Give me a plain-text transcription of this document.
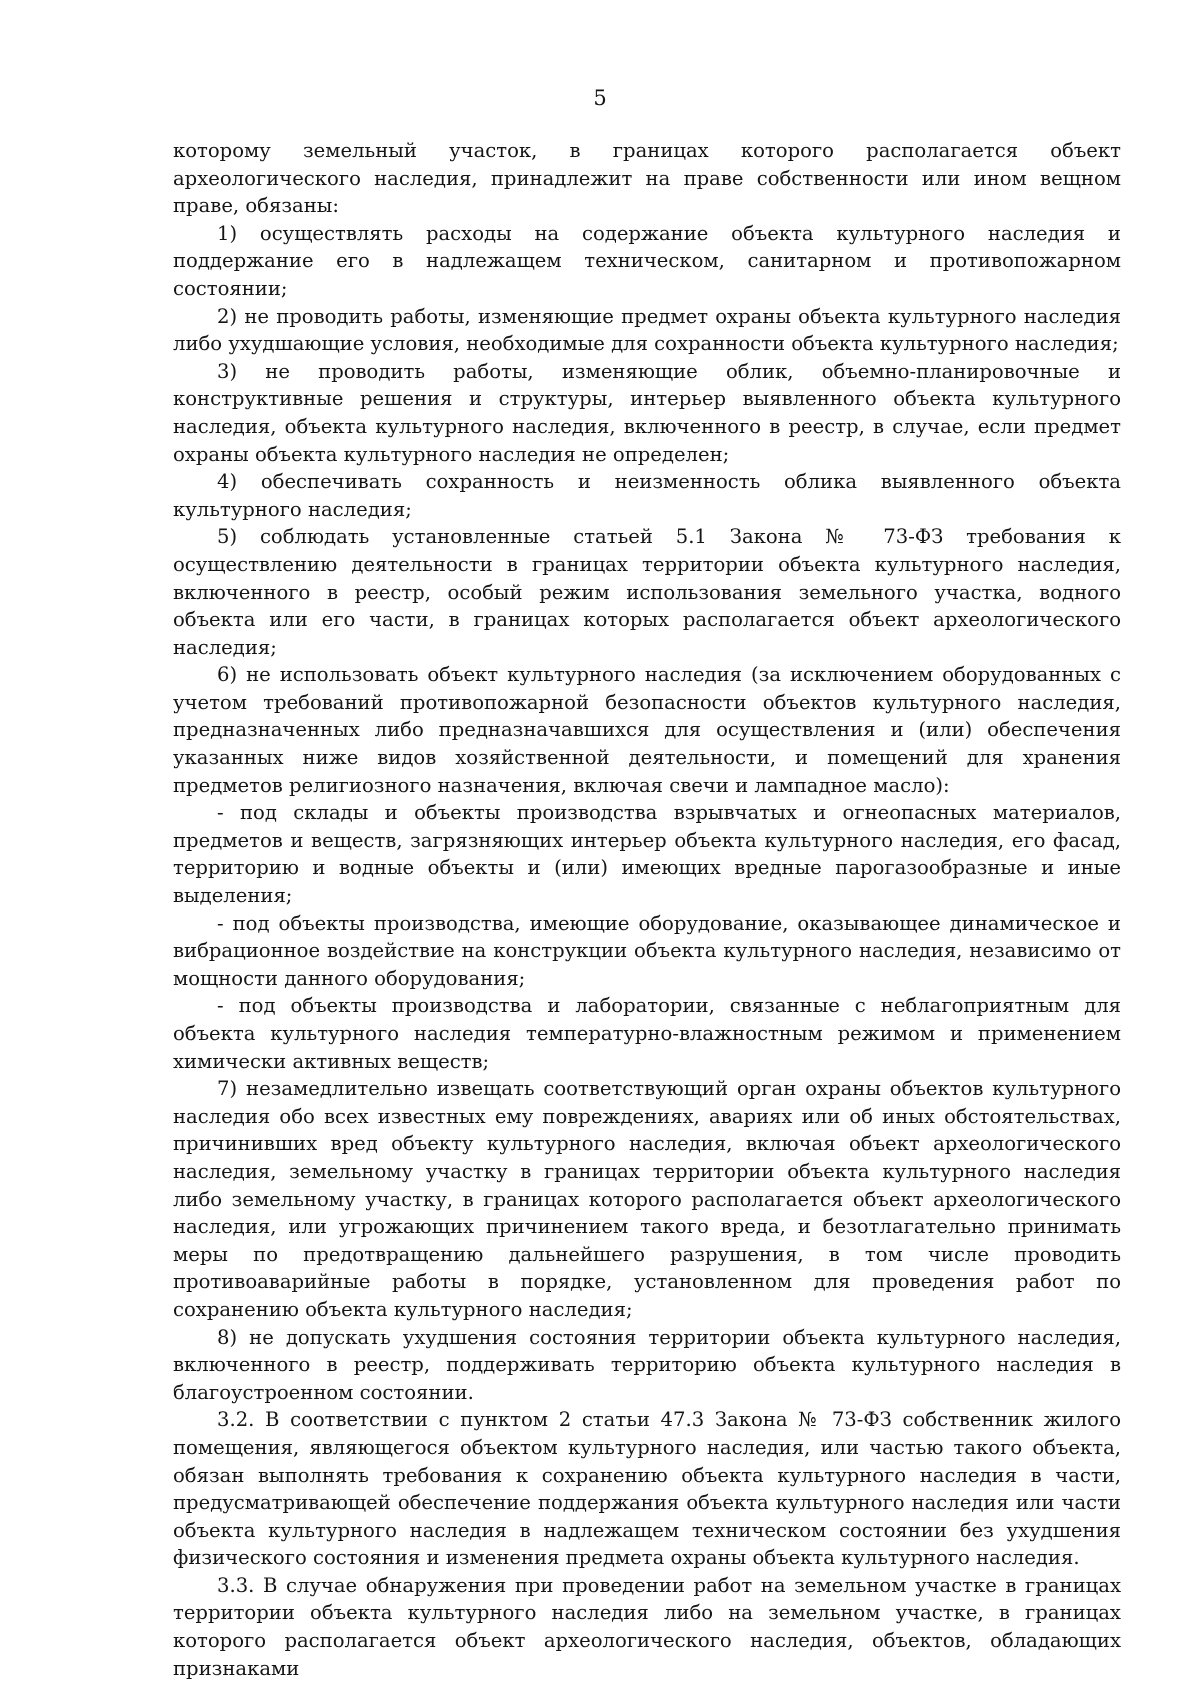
5

которому земельный участок, в границах которого располагается объект археологического наследия, принадлежит на праве собственности или ином вещном праве, обязаны:

1) осуществлять расходы на содержание объекта культурного наследия и поддержание его в надлежащем техническом, санитарном и противопожарном состоянии;

2) не проводить работы, изменяющие предмет охраны объекта культурного наследия либо ухудшающие условия, необходимые для сохранности объекта культурного наследия;

3) не проводить работы, изменяющие облик, объемно-планировочные и конструктивные решения и структуры, интерьер выявленного объекта культурного наследия, объекта культурного наследия, включенного в реестр, в случае, если предмет охраны объекта культурного наследия не определен;

4) обеспечивать сохранность и неизменность облика выявленного объекта культурного наследия;

5) соблюдать установленные статьей 5.1 Закона № 73-ФЗ требования к осуществлению деятельности в границах территории объекта культурного наследия, включенного в реестр, особый режим использования земельного участка, водного объекта или его части, в границах которых располагается объект археологического наследия;

6) не использовать объект культурного наследия (за исключением оборудованных с учетом требований противопожарной безопасности объектов культурного наследия, предназначенных либо предназначавшихся для осуществления и (или) обеспечения указанных ниже видов хозяйственной деятельности, и помещений для хранения предметов религиозного назначения, включая свечи и лампадное масло):

- под склады и объекты производства взрывчатых и огнеопасных материалов, предметов и веществ, загрязняющих интерьер объекта культурного наследия, его фасад, территорию и водные объекты и (или) имеющих вредные парогазообразные и иные выделения;

- под объекты производства, имеющие оборудование, оказывающее динамическое и вибрационное воздействие на конструкции объекта культурного наследия, независимо от мощности данного оборудования;

- под объекты производства и лаборатории, связанные с неблагоприятным для объекта культурного наследия температурно-влажностным режимом и применением химически активных веществ;

7) незамедлительно извещать соответствующий орган охраны объектов культурного наследия обо всех известных ему повреждениях, авариях или об иных обстоятельствах, причинивших вред объекту культурного наследия, включая объект археологического наследия, земельному участку в границах территории объекта культурного наследия либо земельному участку, в границах которого располагается объект археологического наследия, или угрожающих причинением такого вреда, и безотлагательно принимать меры по предотвращению дальнейшего разрушения, в том числе проводить противоаварийные работы в порядке, установленном для проведения работ по сохранению объекта культурного наследия;

8) не допускать ухудшения состояния территории объекта культурного наследия, включенного в реестр, поддерживать территорию объекта культурного наследия в благоустроенном состоянии.

3.2. В соответствии с пунктом 2 статьи 47.3 Закона № 73-ФЗ собственник жилого помещения, являющегося объектом культурного наследия, или частью такого объекта, обязан выполнять требования к сохранению объекта культурного наследия в части, предусматривающей обеспечение поддержания объекта культурного наследия или части объекта культурного наследия в надлежащем техническом состоянии без ухудшения физического состояния и изменения предмета охраны объекта культурного наследия.

3.3. В случае обнаружения при проведении работ на земельном участке в границах территории объекта культурного наследия либо на земельном участке, в границах которого располагается объект археологического наследия, объектов, обладающих признаками
